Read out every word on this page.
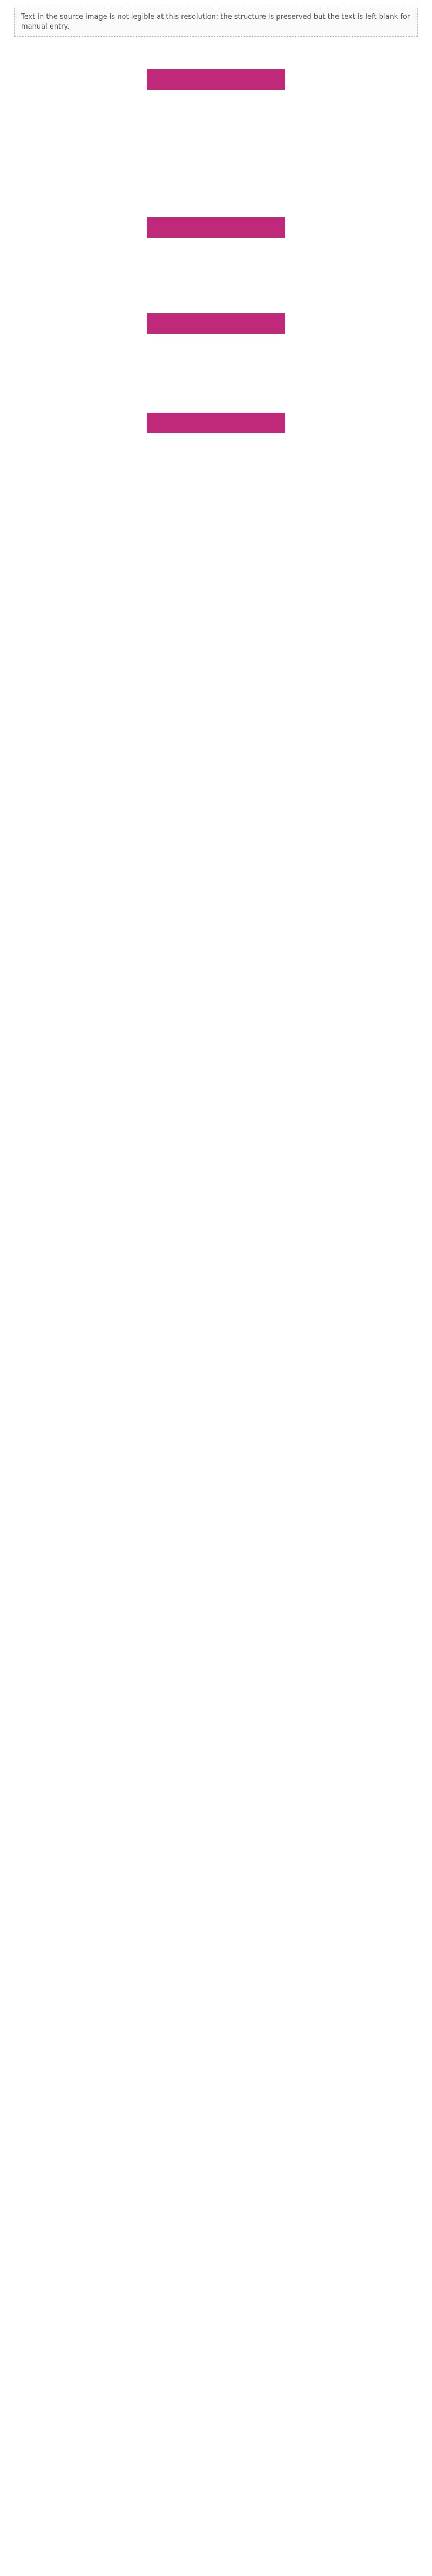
Text in the source image is not legible at this resolution; the structure is preserved but the text is left blank for manual entry.
